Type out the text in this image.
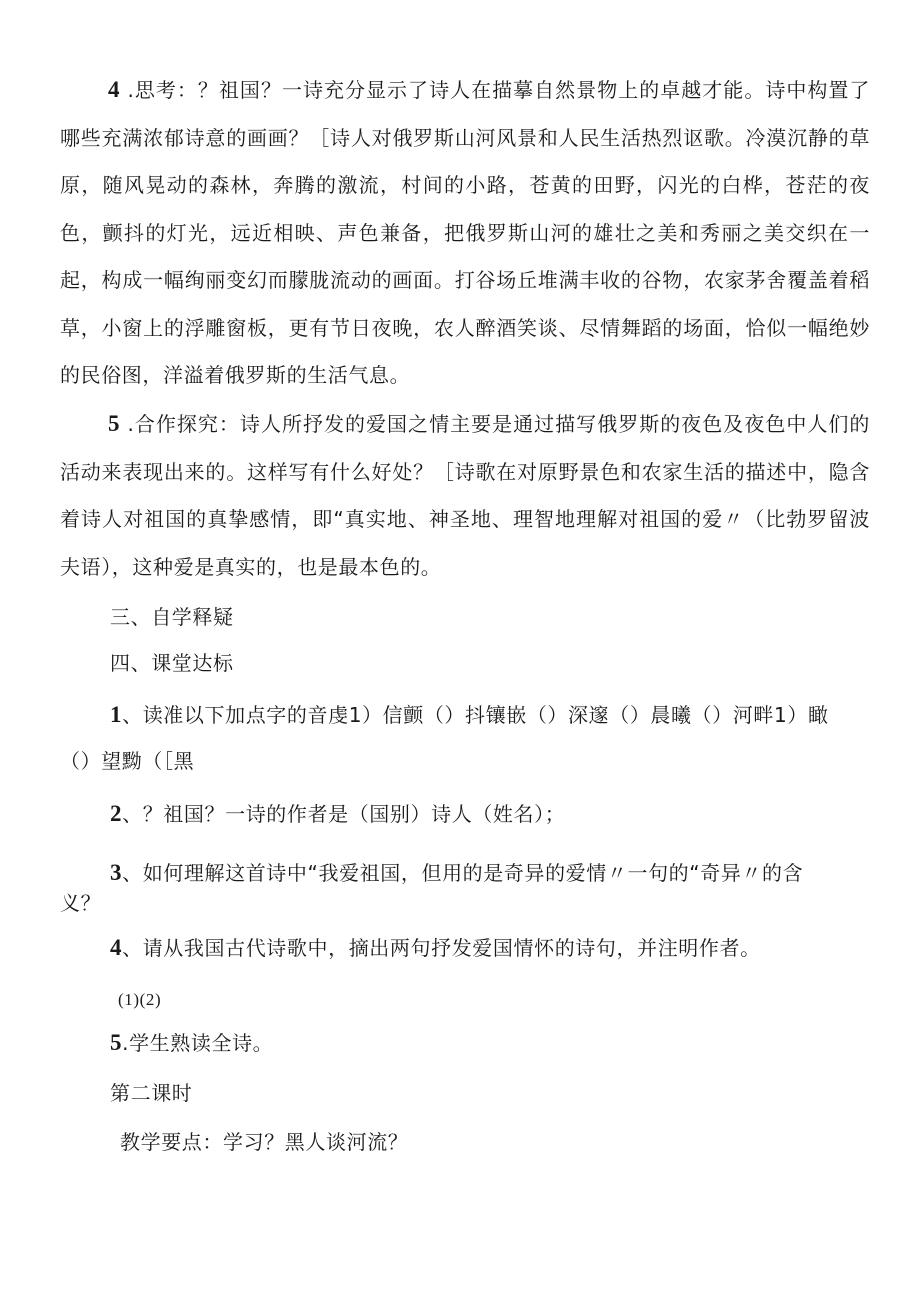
4 .思考：？祖国？一诗充分显示了诗人在描摹自然景物上的卓越才能。诗中构置了哪些充满浓郁诗意的画画？［诗人对俄罗斯山河风景和人民生活热烈讴歌。冷漠沉静的草原，随风晃动的森林，奔腾的激流，村间的小路，苍黄的田野，闪光的白桦，苍茫的夜色，颤抖的灯光，远近相映、声色兼备，把俄罗斯山河的雄壮之美和秀丽之美交织在一起，构成一幅绚丽变幻而朦胧流动的画面。打谷场丘堆满丰收的谷物，农家茅舍覆盖着稻草，小窗上的浮雕窗板，更有节日夜晚，农人醉酒笑谈、尽情舞蹈的场面，恰似一幅绝妙的民俗图，洋溢着俄罗斯的生活气息。

5 .合作探究：诗人所抒发的爱国之情主要是通过描写俄罗斯的夜色及夜色中人们的活动来表现出来的。这样写有什么好处？［诗歌在对原野景色和农家生活的描述中，隐含着诗人对祖国的真挚感情，即“真实地、神圣地、理智地理解对祖国的爱〃（比勃罗留波夫语），这种爱是真实的，也是最本色的。

三、自学释疑

四、课堂达标

1、读准以下加点字的音虔1）信颤（）抖镶嵌（）深邃（）晨曦（）河畔1）瞰

（）望黝（［黑

2、？祖国？一诗的作者是（国别）诗人（姓名）；

3、如何理解这首诗中“我爱祖国，但用的是奇异的爱情〃一句的“奇异〃的含

义？

4、请从我国古代诗歌中，摘出两句抒发爱国情怀的诗句，并注明作者。

(1)(2)

5.学生熟读全诗。

第二课时

教学要点：学习？黑人谈河流？
